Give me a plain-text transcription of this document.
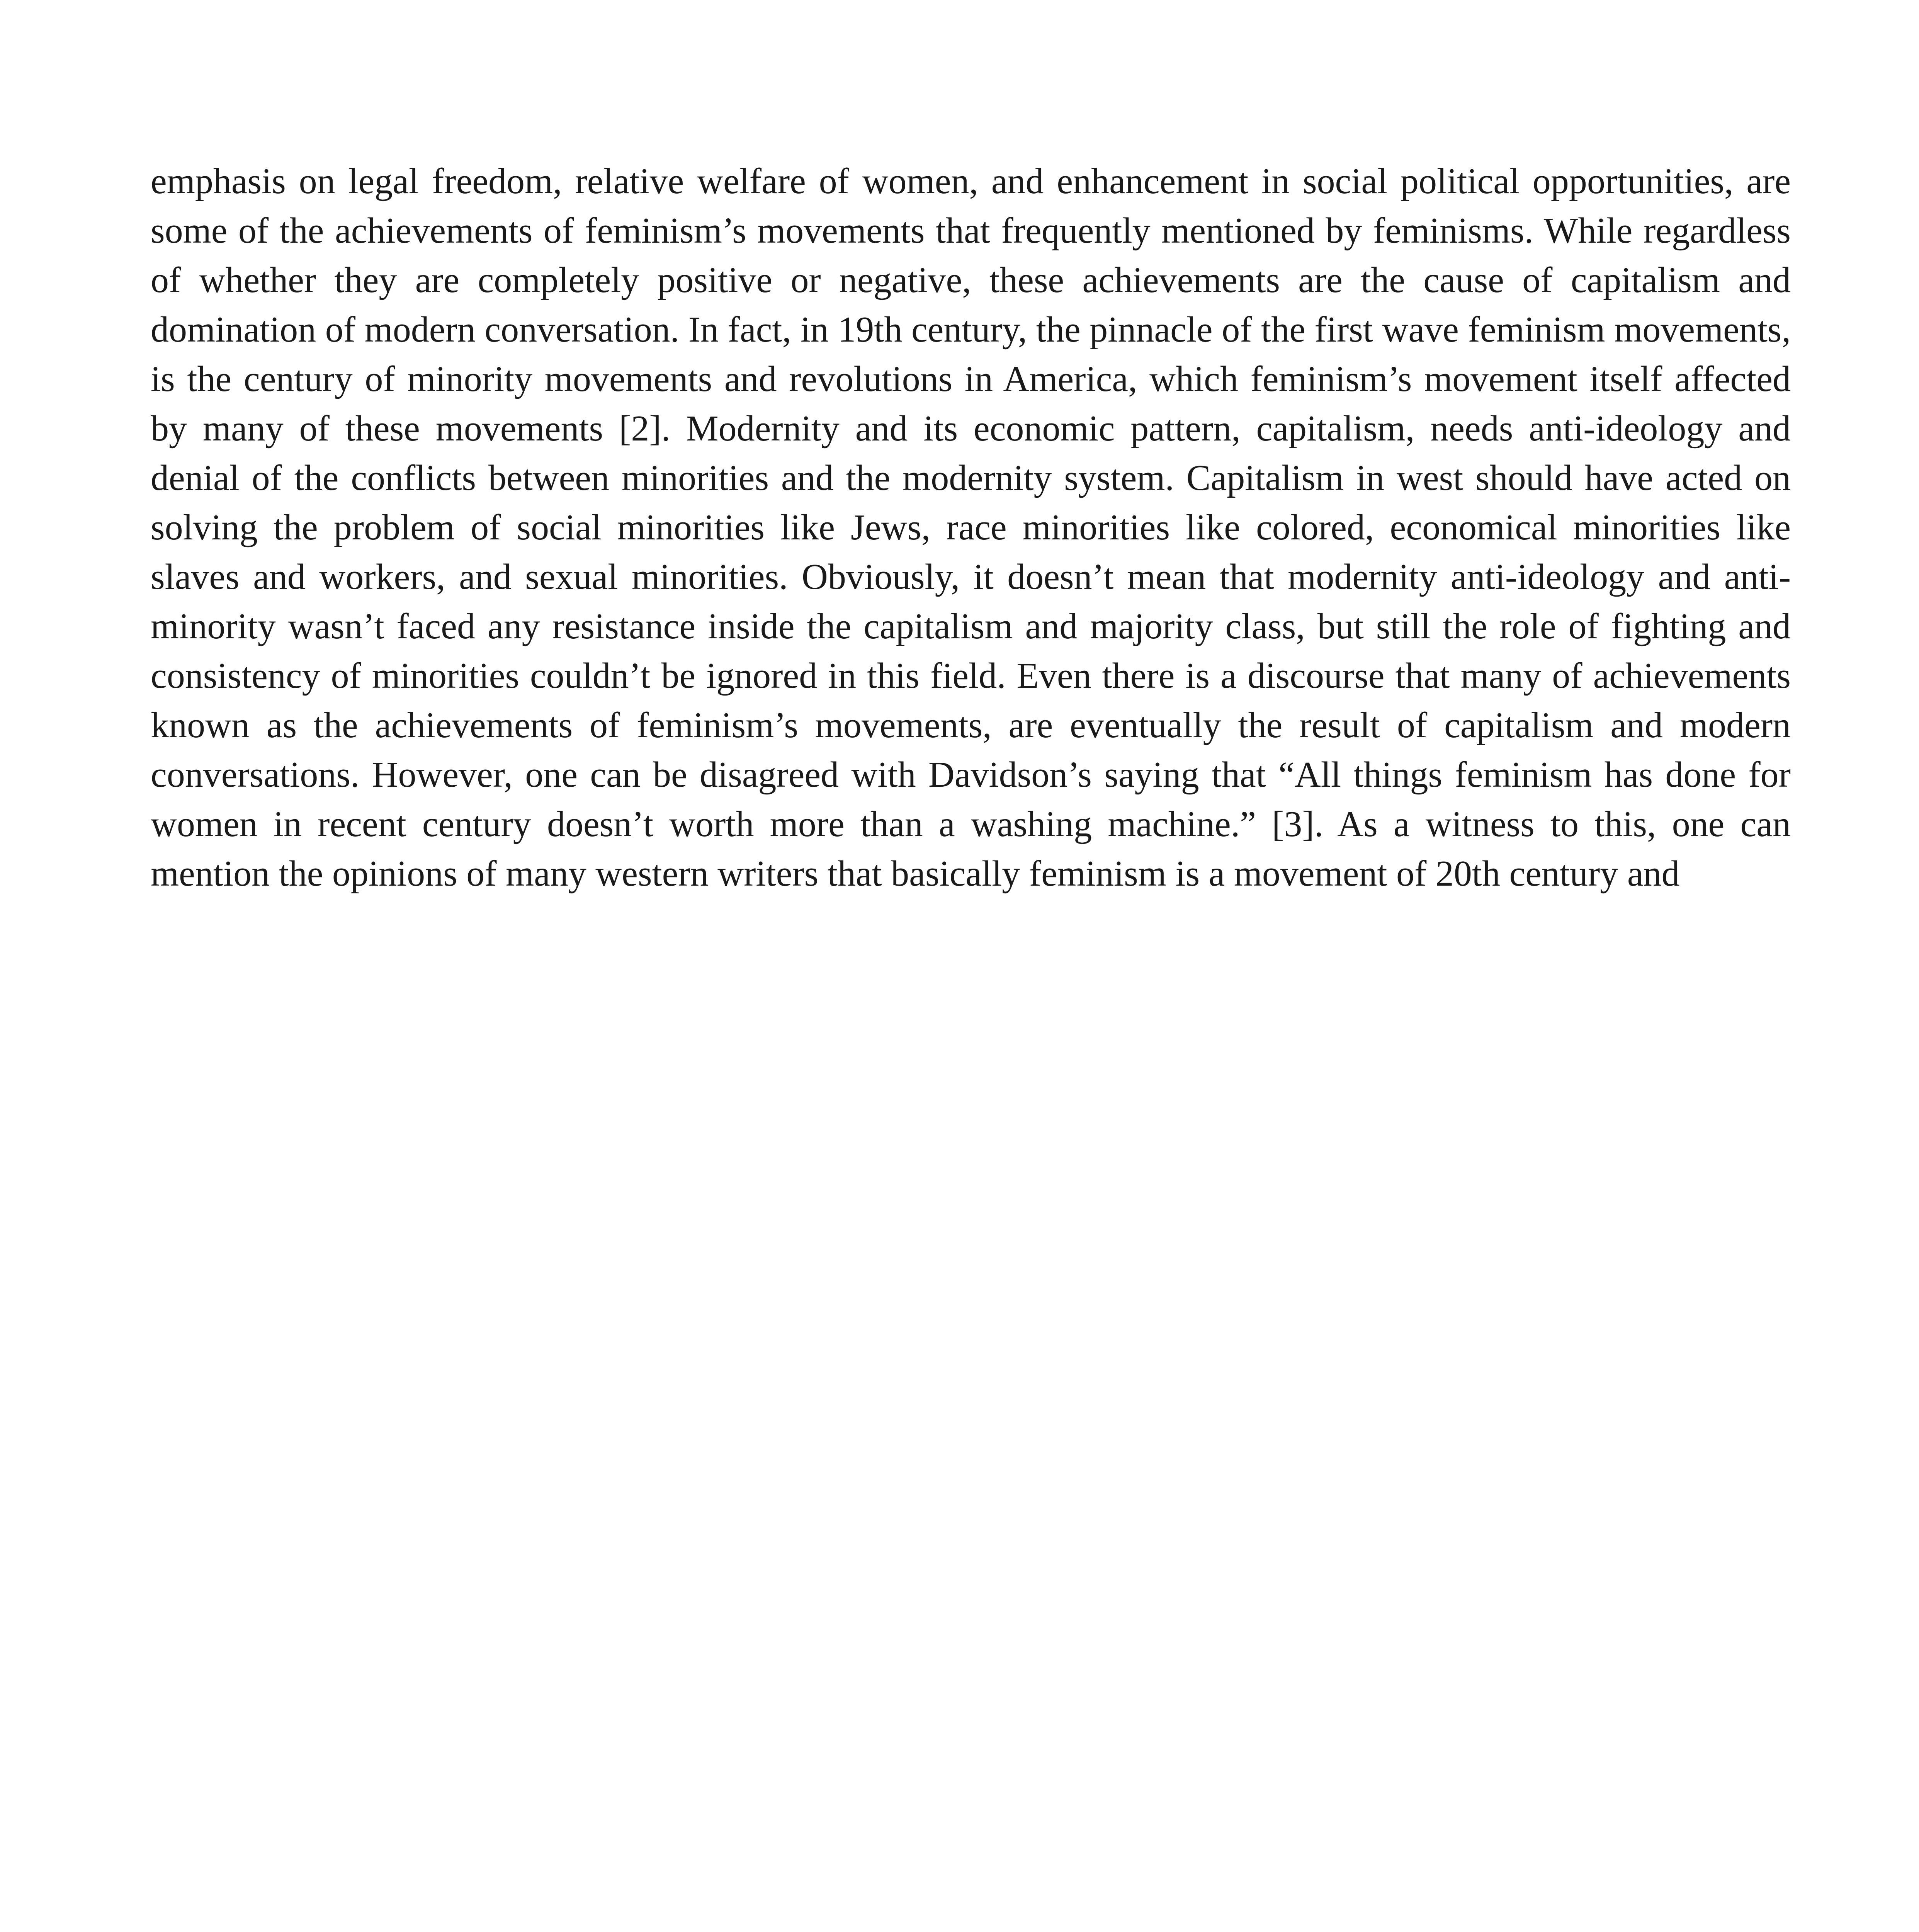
emphasis on legal freedom, relative welfare of women, and enhancement in social political opportunities, are some of the achievements of feminism’s movements that frequently mentioned by feminisms. While regardless of whether they are completely positive or negative, these achievements are the cause of capitalism and domination of modern conversation. In fact, in 19th century, the pinnacle of the first wave feminism movements, is the century of minority movements and revolutions in America, which feminism’s movement itself affected by many of these movements [2]. Modernity and its economic pattern, capitalism, needs anti-ideology and denial of the conflicts between minorities and the modernity system. Capitalism in west should have acted on solving the problem of social minorities like Jews, race minorities like colored, economical minorities like slaves and workers, and sexual minorities. Obviously, it doesn’t mean that modernity anti-ideology and anti-minority wasn’t faced any resistance inside the capitalism and majority class, but still the role of fighting and consistency of minorities couldn’t be ignored in this field. Even there is a discourse that many of achievements known as the achievements of feminism’s movements, are eventually the result of capitalism and modern conversations. However, one can be disagreed with Davidson’s saying that “All things feminism has done for women in recent century doesn’t worth more than a washing machine.” [3]. As a witness to this, one can mention the opinions of many western writers that basically feminism is a movement of 20th century and
